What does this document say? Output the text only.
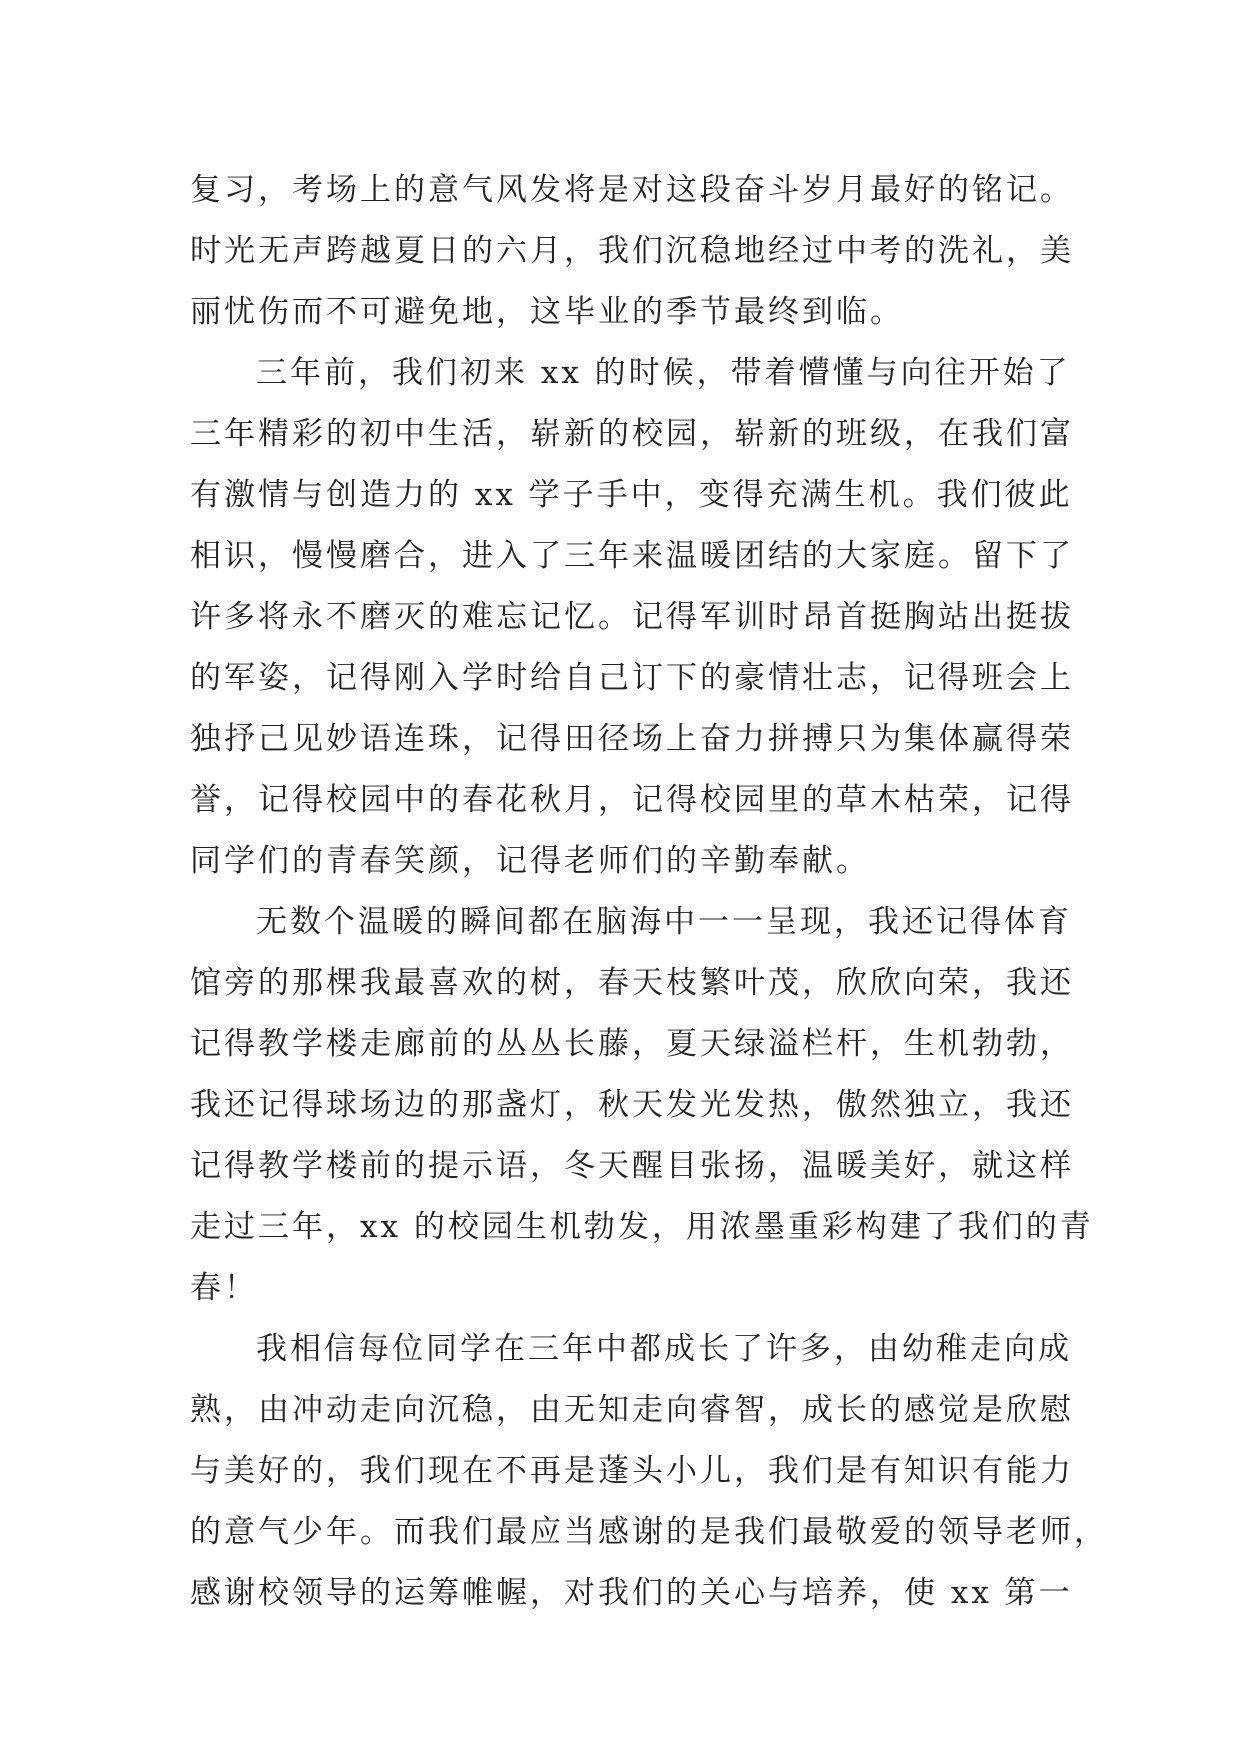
复习，考场上的意气风发将是对这段奋斗岁月最好的铭记。
时光无声跨越夏日的六月，我们沉稳地经过中考的洗礼，美
丽忧伤而不可避免地，这毕业的季节最终到临。
三年前，我们初来 xx 的时候，带着懵懂与向往开始了
三年精彩的初中生活，崭新的校园，崭新的班级，在我们富
有激情与创造力的 xx 学子手中，变得充满生机。我们彼此
相识，慢慢磨合，进入了三年来温暖团结的大家庭。留下了
许多将永不磨灭的难忘记忆。记得军训时昂首挺胸站出挺拔
的军姿，记得刚入学时给自己订下的豪情壮志，记得班会上
独抒己见妙语连珠，记得田径场上奋力拼搏只为集体赢得荣
誉，记得校园中的春花秋月，记得校园里的草木枯荣，记得
同学们的青春笑颜，记得老师们的辛勤奉献。
无数个温暖的瞬间都在脑海中一一呈现，我还记得体育
馆旁的那棵我最喜欢的树，春天枝繁叶茂，欣欣向荣，我还
记得教学楼走廊前的丛丛长藤，夏天绿溢栏杆，生机勃勃，
我还记得球场边的那盏灯，秋天发光发热，傲然独立，我还
记得教学楼前的提示语，冬天醒目张扬，温暖美好，就这样
走过三年，xx 的校园生机勃发，用浓墨重彩构建了我们的青
春！
我相信每位同学在三年中都成长了许多，由幼稚走向成
熟，由冲动走向沉稳，由无知走向睿智，成长的感觉是欣慰
与美好的，我们现在不再是蓬头小儿，我们是有知识有能力
的意气少年。而我们最应当感谢的是我们最敬爱的领导老师，
感谢校领导的运筹帷幄，对我们的关心与培养，使 xx 第一
